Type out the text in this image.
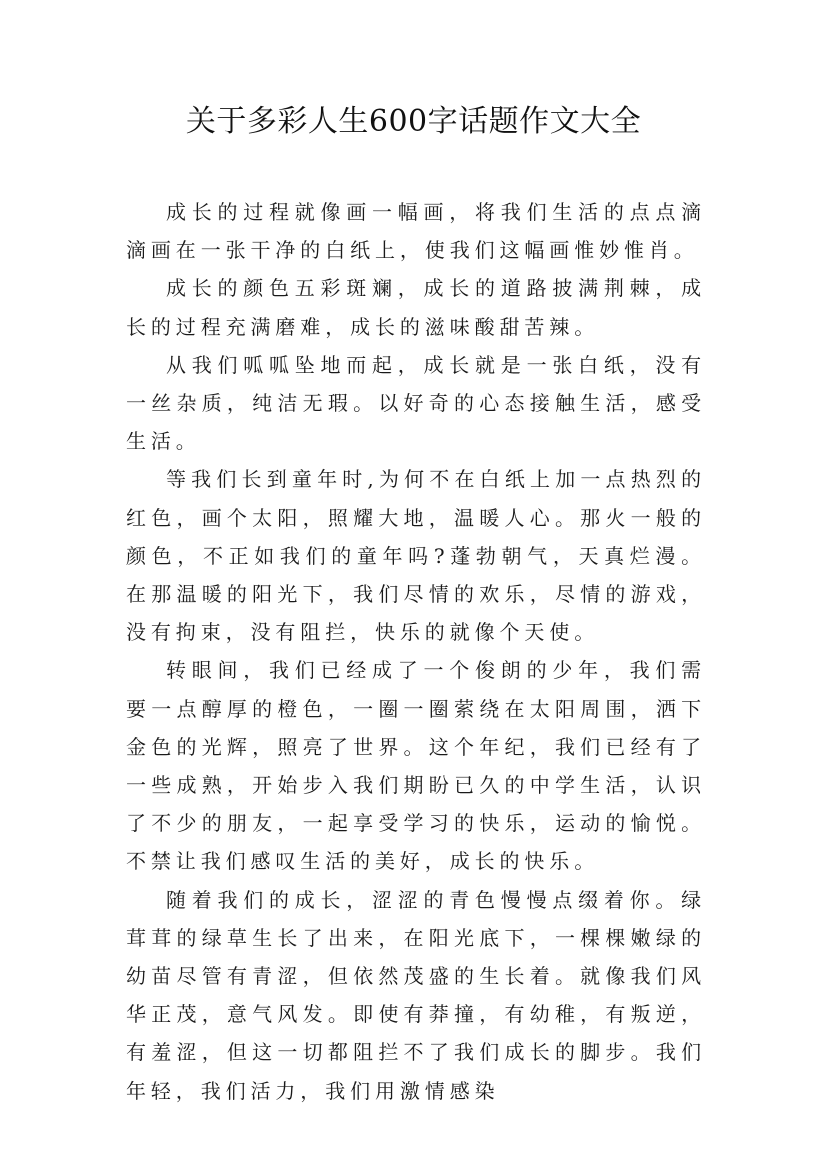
关于多彩人生600字话题作文大全

成长的过程就像画一幅画，将我们生活的点点滴滴画在一张干净的白纸上，使我们这幅画惟妙惟肖。

成长的颜色五彩斑斓，成长的道路披满荆棘，成长的过程充满磨难，成长的滋味酸甜苦辣。

从我们呱呱坠地而起，成长就是一张白纸，没有一丝杂质，纯洁无瑕。以好奇的心态接触生活，感受生活。

等我们长到童年时,为何不在白纸上加一点热烈的红色，画个太阳，照耀大地，温暖人心。那火一般的颜色，不正如我们的童年吗?蓬勃朝气，天真烂漫。在那温暖的阳光下，我们尽情的欢乐，尽情的游戏，没有拘束，没有阻拦，快乐的就像个天使。

转眼间，我们已经成了一个俊朗的少年，我们需要一点醇厚的橙色，一圈一圈萦绕在太阳周围，洒下金色的光辉，照亮了世界。这个年纪，我们已经有了一些成熟，开始步入我们期盼已久的中学生活，认识了不少的朋友，一起享受学习的快乐，运动的愉悦。不禁让我们感叹生活的美好，成长的快乐。

随着我们的成长，涩涩的青色慢慢点缀着你。绿茸茸的绿草生长了出来，在阳光底下，一棵棵嫩绿的幼苗尽管有青涩，但依然茂盛的生长着。就像我们风华正茂，意气风发。即使有莽撞，有幼稚，有叛逆，有羞涩，但这一切都阻拦不了我们成长的脚步。我们年轻，我们活力，我们用激情感染
